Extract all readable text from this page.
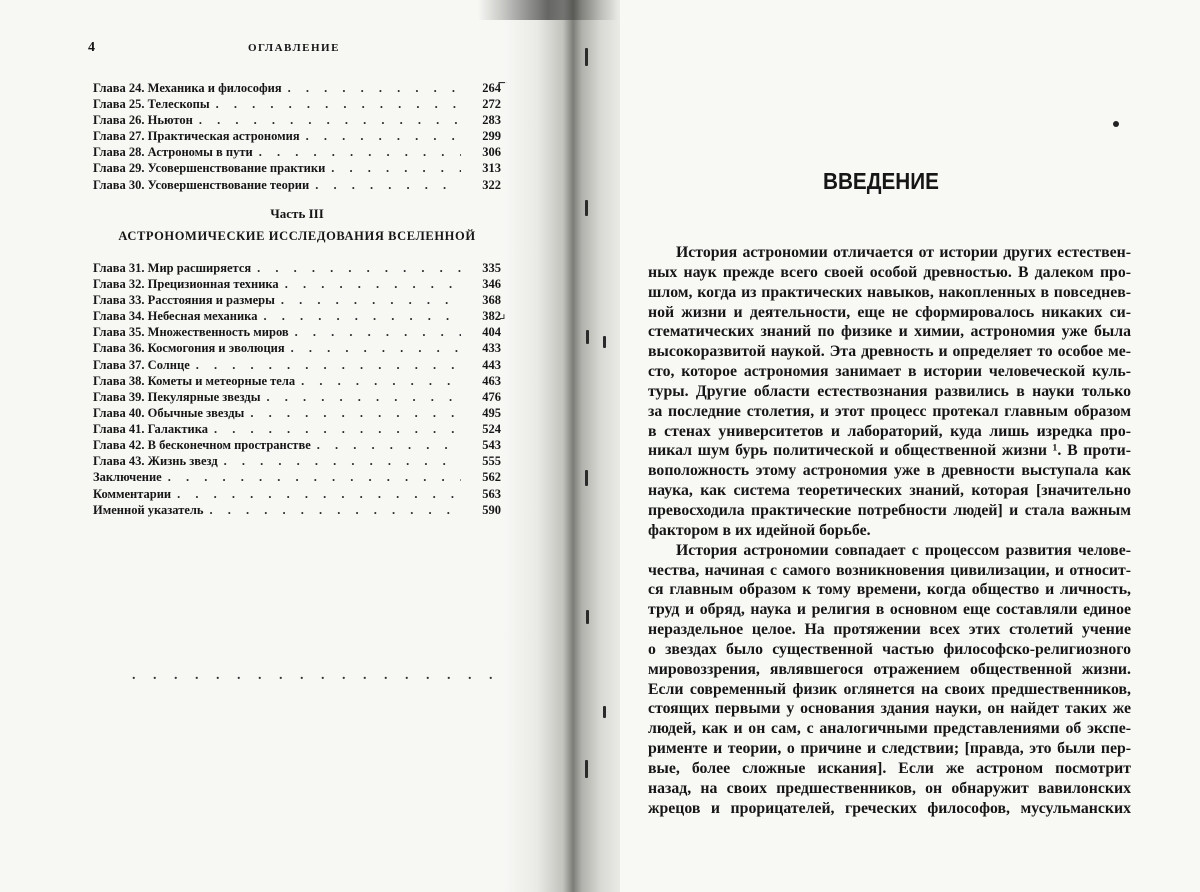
4	ОГЛАВЛЕНИЕ
Глава 24. Механика и философия
. . .	264
Глава 25. Телескопы
. . .	272
Глава 26. Ньютон
. . .	283
Глава 27. Практическая астрономия
. . .	299
Глава 28. Астрономы в пути
. . .	306
Глава 29. Усовершенствование практики
. . .	313
Глава 30. Усовершенствование теории
. . .	322
Часть III
АСТРОНОМИЧЕСКИЕ ИССЛЕДОВАНИЯ ВСЕЛЕННОЙ
Глава 31. Мир расширяется
. . .	335
Глава 32. Прецизионная техника
. . .	346
Глава 33. Расстояния и размеры
. . .	368
Глава 34. Небесная механика
. . .	382
Глава 35. Множественность миров
. . .	404
Глава 36. Космогония и эволюция
. . .	433
Глава 37. Солнце
. . .	443
Глава 38. Кометы и метеорные тела
. . .	463
Глава 39. Пекулярные звезды
. . .	476
Глава 40. Обычные звезды
. . .	495
Глава 41. Галактика
. . .	524
Глава 42. В бесконечном пространстве
. . .	543
Глава 43. Жизнь звезд
. . .	555
Заключение
. . .	562
Комментарии
. . .	563
Именной указатель
. . .	590
⌐
⌟
. . . . . . . . . . . . . . . . . .
ВВЕДЕНИЕ
История астрономии отличается от истории других естествен-
ных наук прежде всего своей особой древностью. В далеком про-
шлом, когда из практических навыков, накопленных в повседнев-
ной жизни и деятельности, еще не сформировалось никаких си-
стематических знаний по физике и химии, астрономия уже была
высокоразвитой наукой. Эта древность и определяет то особое ме-
сто, которое астрономия занимает в истории человеческой куль-
туры. Другие области естествознания развились в науки только
за последние столетия, и этот процесс протекал главным образом
в стенах университетов и лабораторий, куда лишь изредка про-
никал шум бурь политической и общественной жизни ¹. В проти-
воположность этому астрономия уже в древности выступала как
наука, как система теоретических знаний, которая [значительно
превосходила практические потребности людей] и стала важным
фактором в их идейной борьбе.
История астрономии совпадает с процессом развития челове-
чества, начиная с самого возникновения цивилизации, и относит-
ся главным образом к тому времени, когда общество и личность,
труд и обряд, наука и религия в основном еще составляли единое
нераздельное целое. На протяжении всех этих столетий учение
о звездах было существенной частью философско-религиозного
мировоззрения, являвшегося отражением общественной жизни.
Если современный физик оглянется на своих предшественников,
стоящих первыми у основания здания науки, он найдет таких же
людей, как и он сам, с аналогичными представлениями об экспе-
рименте и теории, о причине и следствии; [правда, это были пер-
вые, более сложные искания]. Если же астроном посмотрит
назад, на своих предшественников, он обнаружит вавилонских
жрецов и прорицателей, греческих философов, мусульманских
